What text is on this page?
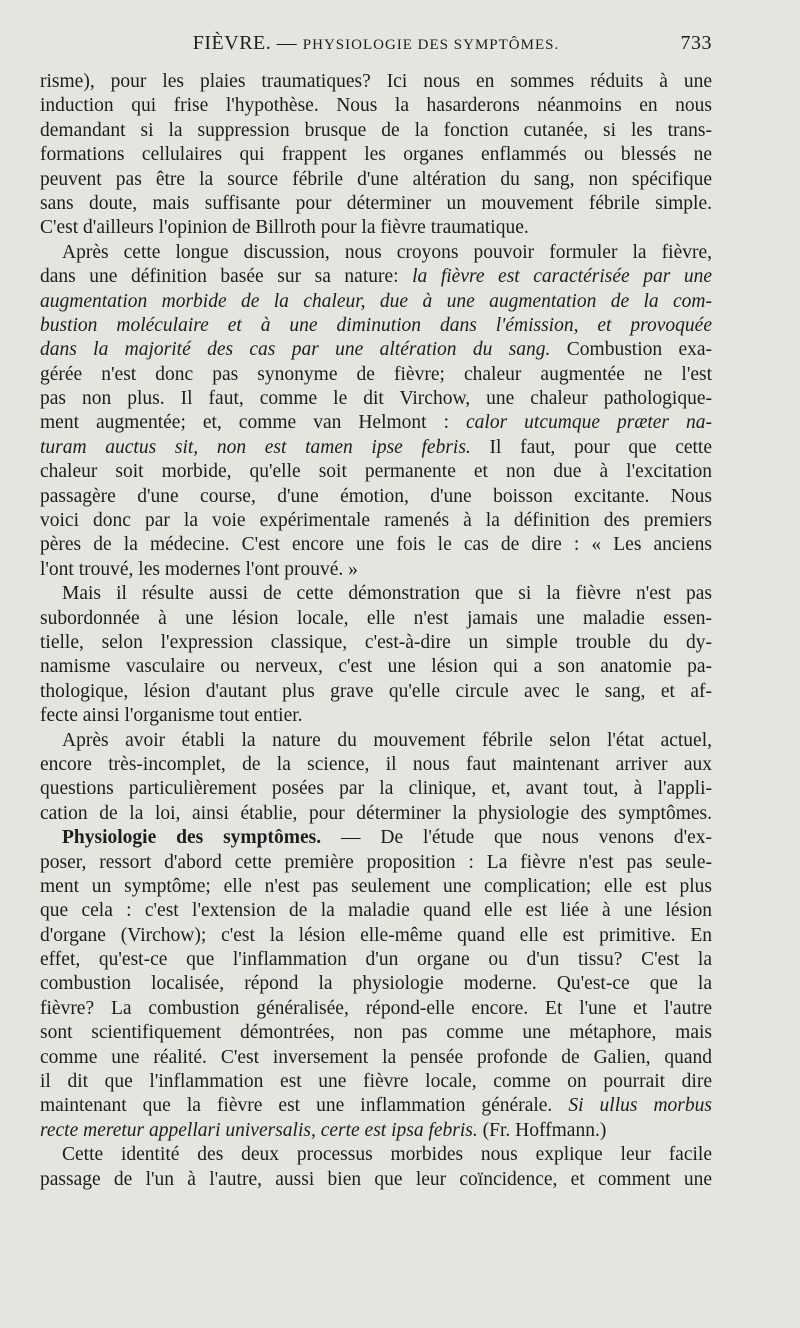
FIÈVRE. — PHYSIOLOGIE DES SYMPTÔMES.	733
risme), pour les plaies traumatiques? Ici nous en sommes réduits à une
induction qui frise l'hypothèse. Nous la hasarderons néanmoins en nous
demandant si la suppression brusque de la fonction cutanée, si les trans-
formations cellulaires qui frappent les organes enflammés ou blessés ne
peuvent pas être la source fébrile d'une altération du sang, non spécifique
sans doute, mais suffisante pour déterminer un mouvement fébrile simple.
C'est d'ailleurs l'opinion de Billroth pour la fièvre traumatique.
Après cette longue discussion, nous croyons pouvoir formuler la fièvre,
dans une définition basée sur sa nature: la fièvre est caractérisée par une
augmentation morbide de la chaleur, due à une augmentation de la com-
bustion moléculaire et à une diminution dans l'émission, et provoquée
dans la majorité des cas par une altération du sang. Combustion exa-
gérée n'est donc pas synonyme de fièvre; chaleur augmentée ne l'est
pas non plus. Il faut, comme le dit Virchow, une chaleur pathologique-
ment augmentée; et, comme van Helmont : calor utcumque præter na-
turam auctus sit, non est tamen ipse febris. Il faut, pour que cette
chaleur soit morbide, qu'elle soit permanente et non due à l'excitation
passagère d'une course, d'une émotion, d'une boisson excitante. Nous
voici donc par la voie expérimentale ramenés à la définition des premiers
pères de la médecine. C'est encore une fois le cas de dire : « Les anciens
l'ont trouvé, les modernes l'ont prouvé. »
Mais il résulte aussi de cette démonstration que si la fièvre n'est pas
subordonnée à une lésion locale, elle n'est jamais une maladie essen-
tielle, selon l'expression classique, c'est-à-dire un simple trouble du dy-
namisme vasculaire ou nerveux, c'est une lésion qui a son anatomie pa-
thologique, lésion d'autant plus grave qu'elle circule avec le sang, et af-
fecte ainsi l'organisme tout entier.
Après avoir établi la nature du mouvement fébrile selon l'état actuel,
encore très-incomplet, de la science, il nous faut maintenant arriver aux
questions particulièrement posées par la clinique, et, avant tout, à l'appli-
cation de la loi, ainsi établie, pour déterminer la physiologie des symptômes.
Physiologie des symptômes. — De l'étude que nous venons d'ex-
poser, ressort d'abord cette première proposition : La fièvre n'est pas seule-
ment un symptôme; elle n'est pas seulement une complication; elle est plus
que cela : c'est l'extension de la maladie quand elle est liée à une lésion
d'organe (Virchow); c'est la lésion elle-même quand elle est primitive. En
effet, qu'est-ce que l'inflammation d'un organe ou d'un tissu? C'est la
combustion localisée, répond la physiologie moderne. Qu'est-ce que la
fièvre? La combustion généralisée, répond-elle encore. Et l'une et l'autre
sont scientifiquement démontrées, non pas comme une métaphore, mais
comme une réalité. C'est inversement la pensée profonde de Galien, quand
il dit que l'inflammation est une fièvre locale, comme on pourrait dire
maintenant que la fièvre est une inflammation générale. Si ullus morbus
recte meretur appellari universalis, certe est ipsa febris. (Fr. Hoffmann.)
Cette identité des deux processus morbides nous explique leur facile
passage de l'un à l'autre, aussi bien que leur coïncidence, et comment une
